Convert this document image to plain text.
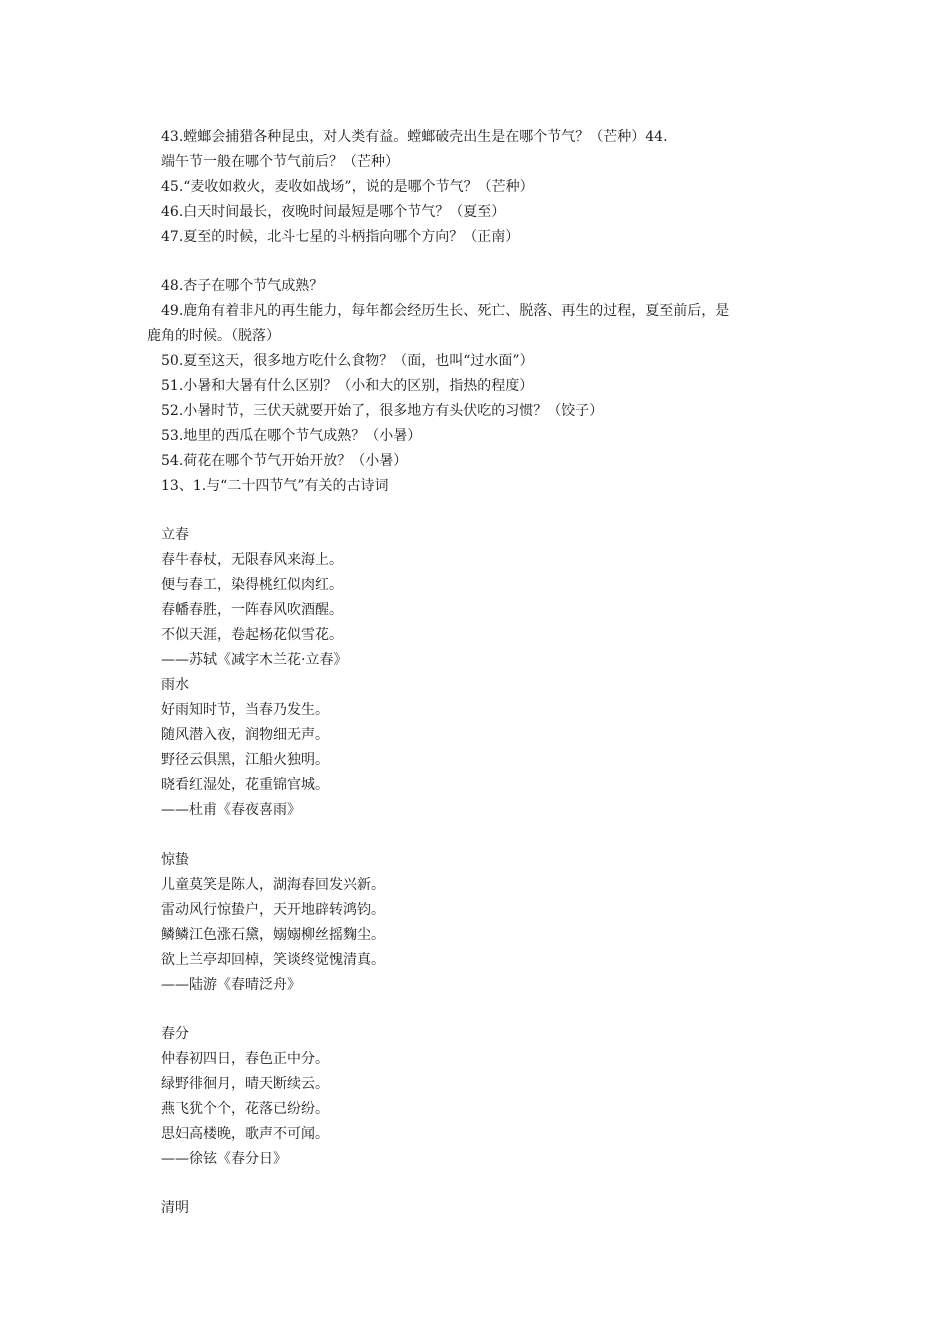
43.螳螂会捕猎各种昆虫，对人类有益。螳螂破壳出生是在哪个节气？（芒种）44.
端午节一般在哪个节气前后？（芒种）
45.“麦收如救火，麦收如战场”，说的是哪个节气？（芒种）
46.白天时间最长，夜晚时间最短是哪个节气？（夏至）
47.夏至的时候，北斗七星的斗柄指向哪个方向？（正南）
48.杏子在哪个节气成熟？
49.鹿角有着非凡的再生能力，每年都会经历生长、死亡、脱落、再生的过程，夏至前后，是
鹿角的时候。（脱落）
50.夏至这天，很多地方吃什么食物？（面，也叫“过水面”）
51.小暑和大暑有什么区别？（小和大的区别，指热的程度）
52.小暑时节，三伏天就要开始了，很多地方有头伏吃的习惯？（饺子）
53.地里的西瓜在哪个节气成熟？（小暑）
54.荷花在哪个节气开始开放？（小暑）
13、1.与“二十四节气”有关的古诗词
立春
春牛春杖，无限春风来海上。
便与春工，染得桃红似肉红。
春幡春胜，一阵春风吹酒醒。
不似天涯，卷起杨花似雪花。
——苏轼《减字木兰花·立春》
雨水
好雨知时节，当春乃发生。
随风潜入夜，润物细无声。
野径云俱黑，江船火独明。
晓看红湿处，花重锦官城。
——杜甫《春夜喜雨》
惊蛰
儿童莫笑是陈人，湖海春回发兴新。
雷动风行惊蛰户，天开地辟转鸿钧。
鳞鳞江色涨石黛，嫋嫋柳丝摇麴尘。
欲上兰亭却回棹，笑谈终觉愧清真。
——陆游《春晴泛舟》
春分
仲春初四日，春色正中分。
绿野徘徊月，晴天断续云。
燕飞犹个个，花落已纷纷。
思妇高楼晚，歌声不可闻。
——徐铉《春分日》
清明
